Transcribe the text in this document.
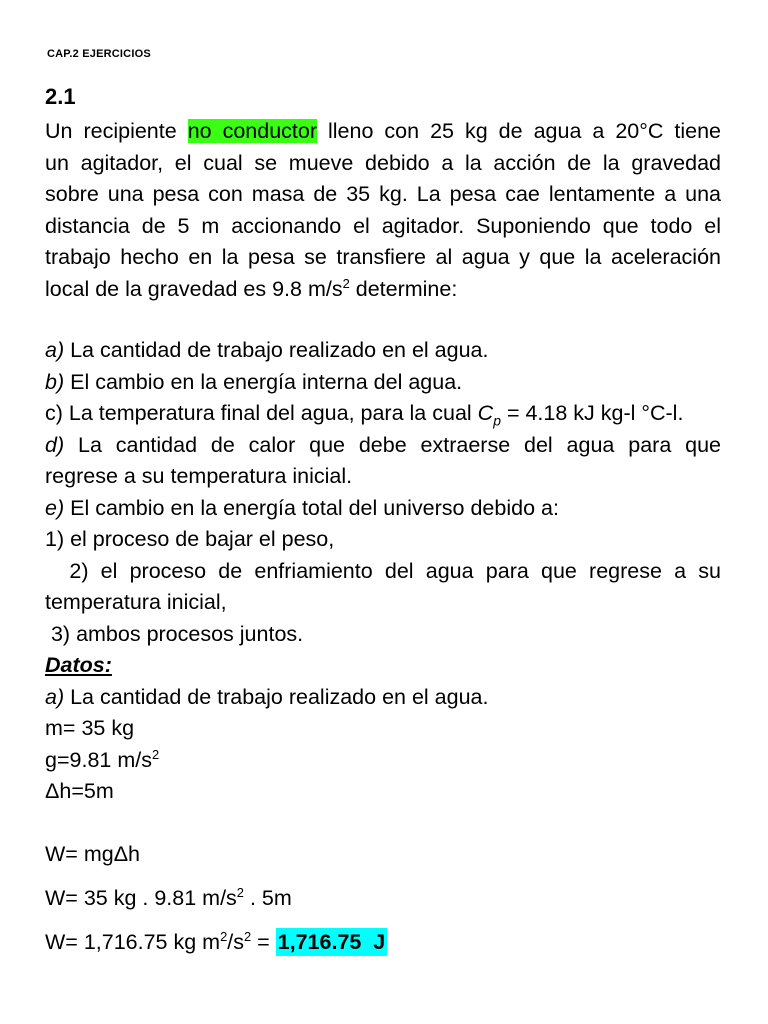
CAP.2 EJERCICIOS
2.1
Un recipiente no conductor lleno con 25 kg de agua a 20°C tiene
un agitador, el cual se mueve debido a la acción de la gravedad
sobre una pesa con masa de 35 kg. La pesa cae lentamente a una
distancia de 5 m accionando el agitador. Suponiendo que todo el
trabajo hecho en la pesa se transfiere al agua y que la aceleración
local de la gravedad es 9.8 $m/s^2$ determine:
a) La cantidad de trabajo realizado en el agua.
b) El cambio en la energía interna del agua.
c) La temperatura final del agua, para la cual $C_p = 4.18$ kJ kg-l °C-l.
d) La cantidad de calor que debe extraerse del agua para que
regrese a su temperatura inicial.
e) El cambio en la energía total del universo debido a:
1) el proceso de bajar el peso,
2) el proceso de enfriamiento del agua para que regrese a su
temperatura inicial,
3) ambos procesos juntos.
Datos:
a) La cantidad de trabajo realizado en el agua.
m= 35 kg
g=9.81 $m/s^2$
Δh=5m
W= mgΔh
W= 35 kg . 9.81 $m/s^2$ . 5m
W= 1,716.75 kg $m^2/s^2 = 1,716.75$  J
